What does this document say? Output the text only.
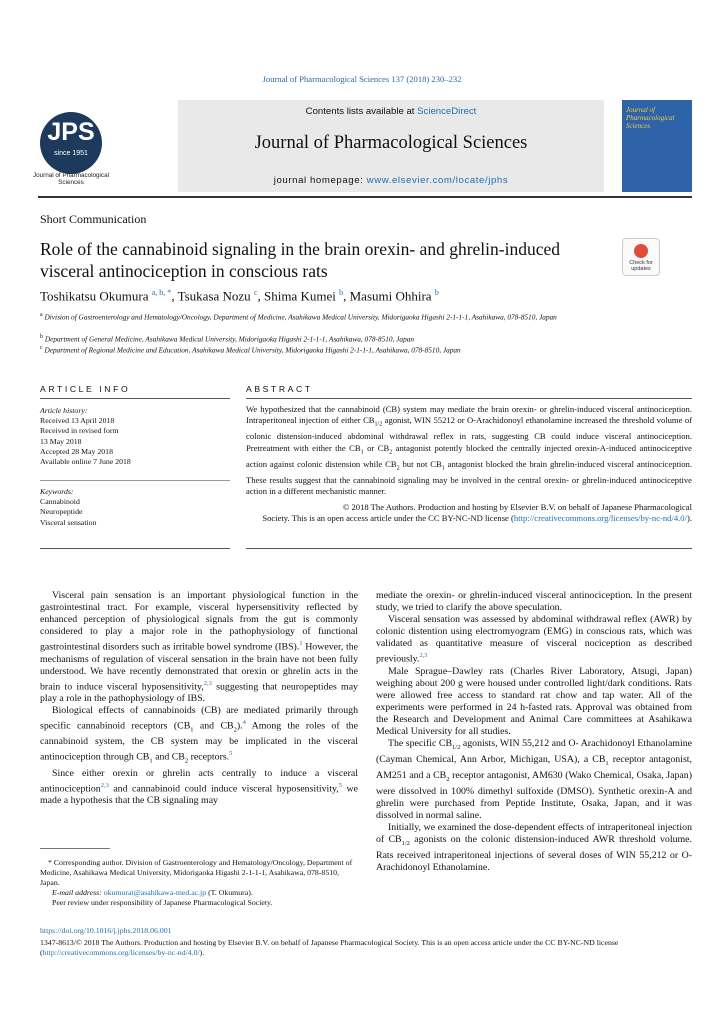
Journal of Pharmacological Sciences 137 (2018) 230–232
JPS
since 1951
Journal of Pharmacological Sciences
Contents lists available at ScienceDirect
Journal of Pharmacological Sciences
journal homepage: www.elsevier.com/locate/jphs
Journal of Pharmacological Sciences
Short Communication
Role of the cannabinoid signaling in the brain orexin- and ghrelin-induced visceral antinociception in conscious rats	Check for updates
Toshikatsu Okumura $^{a, b, *}$, Tsukasa Nozu $^c$, Shima Kumei $^b$, Masumi Ohhira $^b$
$^a$ Division of Gastroenterology and Hematology/Oncology, Department of Medicine, Asahikawa Medical University, Midorigaoka Higashi 2-1-1-1, Asahikawa, 078-8510, Japan
$^b$ Department of General Medicine, Asahikawa Medical University, Midorigaoka Higashi 2-1-1-1, Asahikawa, 078-8510, Japan
$^c$ Department of Regional Medicine and Education, Asahikawa Medical University, Midorigaoka Higashi 2-1-1-1, Asahikawa, 078-8510, Japan
ARTICLE INFO
Article history:
Received 13 April 2018
Received in revised form
13 May 2018
Accepted 28 May 2018
Available online 7 June 2018
Keywords:
Cannabinoid
Neuropeptide
Visceral sensation
ABSTRACT
We hypothesized that the cannabinoid (CB) system may mediate the brain orexin- or ghrelin-induced visceral antinociception. Intraperitoneal injection of either $CB_{1/2}$ agonist, WIN 55212 or O-Arachidonoyl ethanolamine increased the threshold volume of colonic distension-induced abdominal withdrawal reflex in rats, suggesting CB could induce visceral antinociception. Pretreatment with either the $CB_1$ or $CB_2$ antagonist potently blocked the centrally injected orexin-A-induced antinociceptive action against colonic distension while $CB_2$ but not $CB_1$ antagonist blocked the brain ghrelin-induced visceral antinociception. These results suggest that the cannabinoid signaling may be involved in the central orexin- or ghrelin-induced antinociceptive action in a different mechanistic manner.
© 2018 The Authors. Production and hosting by Elsevier B.V. on behalf of Japanese Pharmacological
Society. This is an open access article under the CC BY-NC-ND license (http://creativecommons.org/licenses/by-nc-nd/4.0/).

Visceral pain sensation is an important physiological function in the gastrointestinal tract. For example, visceral hypersensitivity reflected by enhanced perception of physiological signals from the gut is commonly considered to play a major role in the pathophysiology of functional gastrointestinal disorders such as irritable bowel syndrome (IBS).$^1$ However, the mechanisms of regulation of visceral sensation in the brain have not been fully understood. We have recently demonstrated that orexin or ghrelin acts in the brain to induce visceral hyposensitivity,$^{2,3}$ suggesting that neuropeptides may play a role in the pathophysiology of IBS.

Biological effects of cannabinoids (CB) are mediated primarily through specific cannabinoid receptors ($CB_1$ and $CB_2).^4$ Among the roles of the cannabinoid system, the CB system may be implicated in the visceral antinociception through $CB_1$ and $CB_2$ receptors.$^5$

Since either orexin or ghrelin acts centrally to induce a visceral antinociception$^{2,3}$ and cannabinoid could induce visceral hyposensitivity,$^5$ we made a hypothesis that the CB signaling may

* Corresponding author. Division of Gastroenterology and Hematology/Oncology, Department of Medicine, Asahikawa Medical University, Midorigaoka Higashi 2-1-1-1, Asahikawa, 078-8510, Japan.
E-mail address: okumurat@asahikawa-med.ac.jp (T. Okumura).
Peer review under responsibility of Japanese Pharmacological Society.

mediate the orexin- or ghrelin-induced visceral antinociception. In the present study, we tried to clarify the above speculation.

Visceral sensation was assessed by abdominal withdrawal reflex (AWR) by colonic distention using electromyogram (EMG) in conscious rats, which was validated as quantitative measure of visceral nociception as described previously.$^{2,3}$

Male Sprague–Dawley rats (Charles River Laboratory, Atsugi, Japan) weighing about 200 g were housed under controlled light/dark conditions. Rats were allowed free access to standard rat chow and tap water. All of the experiments were performed in 24 h-fasted rats. Approval was obtained from the Research and Development and Animal Care committees at Asahikawa Medical University for all studies.

The specific $CB_{1/2}$ agonists, WIN 55,212 and O- Arachidonoyl Ethanolamine (Cayman Chemical, Ann Arbor, Michigan, USA), a $CB_1$ receptor antagonist, AM251 and a $CB_2$ receptor antagonist, AM630 (Wako Chemical, Osaka, Japan) were dissolved in 100% dimethyl sulfoxide (DMSO). Synthetic orexin-A and ghrelin were purchased from Peptide Institute, Osaka, Japan, and it was dissolved in normal saline.

Initially, we examined the dose-dependent effects of intraperitoneal injection of $CB_{1/2}$ agonists on the colonic distension-induced AWR threshold volume. Rats received intraperitoneal injections of several doses of WIN 55,212 or O-Arachidonoyl Ethanolamine.

https://doi.org/10.1016/j.jphs.2018.06.001
1347-8613/© 2018 The Authors. Production and hosting by Elsevier B.V. on behalf of Japanese Pharmacological Society. This is an open access article under the CC BY-NC-ND license (http://creativecommons.org/licenses/by-nc-nd/4.0/).
